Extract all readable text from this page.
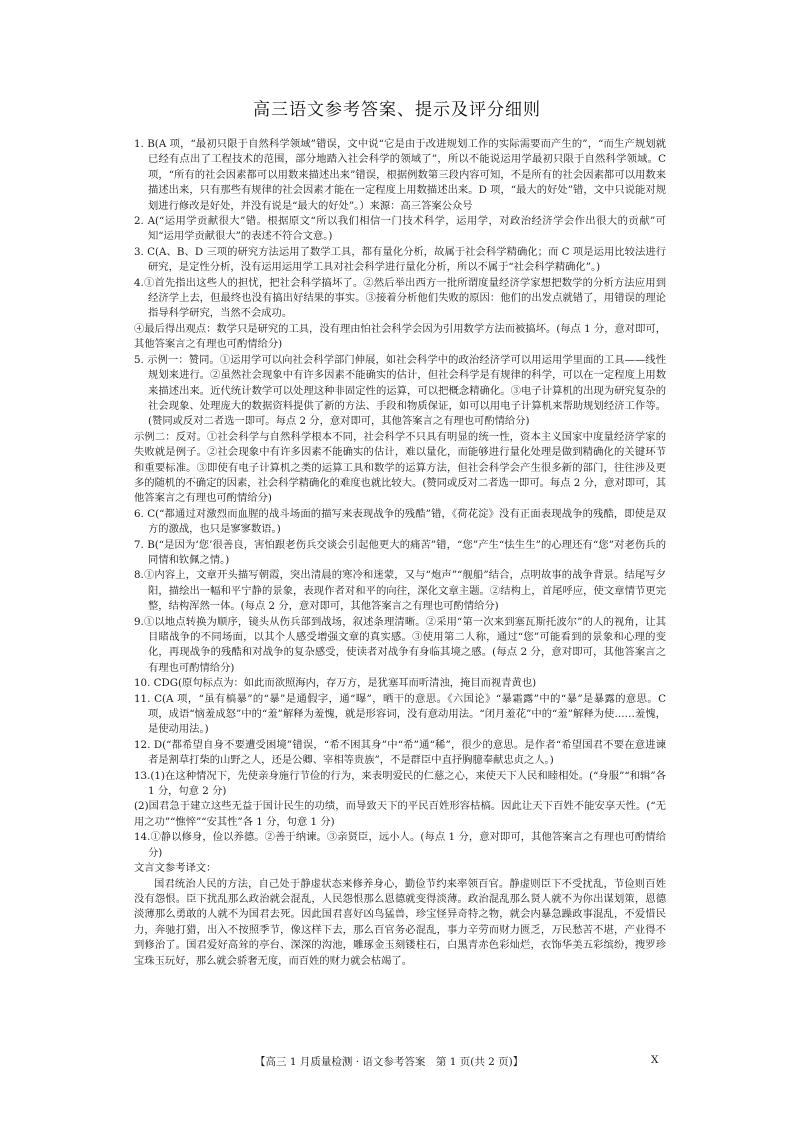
高三语文参考答案、提示及评分细则

1. B(A 项，“最初只限于自然科学领域”错误，文中说“它是由于改进规划工作的实际需要而产生的”，“而生产规划就已经有点出了工程技术的范围，部分地踏入社会科学的领域了”，所以不能说运用学最初只限于自然科学领域。C 项，“所有的社会因素都可以用数来描述出来”错误，根据例数第三段内容可知，不是所有的社会因素都可以用数来描述出来，只有那些有规律的社会因素才能在一定程度上用数描述出来。D 项，“最大的好处”错，文中只说能对规划进行修改是好处，并没有说是“最大的好处”。）来源：高三答案公众号

2. A(“运用学贡献很大”错。根据原文“所以我们相信一门技术科学，运用学，对政治经济学会作出很大的贡献”可知“运用学贡献很大”的表述不符合文意。)

3. C(A、B、D 三项的研究方法运用了数学工具，都有量化分析，故属于社会科学精确化；而 C 项是运用比较法进行研究，是定性分析，没有运用运用学工具对社会科学进行量化分析，所以不属于“社会科学精确化”。)

4.①首先指出这些人的担忧，把社会科学搞坏了。②然后举出西方一批所谓度量经济学家想把数学的分析方法应用到经济学上去，但最终也没有搞出好结果的事实。③接着分析他们失败的原因：他们的出发点就错了，用错误的理论指导科学研究，当然不会成功。

④最后得出观点：数学只是研究的工具，没有理由怕社会科学会因为引用数学方法而被搞坏。(每点 1 分，意对即可，其他答案言之有理也可酌情给分)

5. 示例一：赞同。①运用学可以向社会科学部门伸展，如社会科学中的政治经济学可以用运用学里面的工具——线性规划来进行。②虽然社会现象中有许多因素不能确实的估计，但社会科学是有规律的科学，可以在一定程度上用数来描述出来。近代统计数学可以处理这种非固定性的运算，可以把概念精确化。③电子计算机的出现为研究复杂的社会现象、处理庞大的数据资料提供了新的方法、手段和物质保证，如可以用电子计算机来帮助规划经济工作等。(赞同或反对二者选一即可。每点 2 分，意对即可，其他答案言之有理也可酌情给分)

示例二：反对。①社会科学与自然科学根本不同，社会科学不只具有明显的统一性，资本主义国家中度量经济学家的失败就是例子。②社会现象中有许多因素不能确实的估计，难以量化，而能够进行量化处理是做到精确化的关键环节和重要标准。③即使有电子计算机之类的运算工具和数学的运算方法，但社会科学会产生很多新的部门，往往涉及更多的随机的不确定的因素，社会科学精确化的难度也就比较大。(赞同或反对二者选一即可。每点 2 分，意对即可，其他答案言之有理也可酌情给分)

6. C(“都通过对激烈而血腥的战斗场面的描写来表现战争的残酷”错，《荷花淀》没有正面表现战争的残酷，即使是双方的激战，也只是寥寥数语。)

7. B(“是因为‘您’很善良，害怕跟老伤兵交谈会引起他更大的痛苦”错，“您”产生“怯生生”的心理还有“您”对老伤兵的同情和钦佩之情。)

8.①内容上，文章开头描写朝霞，突出清晨的寒冷和迷蒙，又与“炮声”“舰船”结合，点明故事的战争背景。结尾写夕阳，描绘出一幅和平宁静的景象，表现作者对和平的向往，深化文章主题。②结构上，首尾呼应，使文章情节更完整，结构浑然一体。(每点 2 分，意对即可，其他答案言之有理也可酌情给分)

9.①以地点转换为顺序，镜头从伤兵部到战场，叙述条理清晰。②采用“第一次来到塞瓦斯托波尔”的人的视角，让其目睹战争的不同场面，以其个人感受增强文章的真实感。③使用第二人称，通过“您”可能看到的景象和心理的变化，再现战争的残酷和对战争的复杂感受，使读者对战争有身临其境之感。(每点 2 分，意对即可，其他答案言之有理也可酌情给分)

10. CDG(原句标点为：如此而欲照海内，存万方，是犹塞耳而听清浊，掩目而视青黄也)

11. C(A 项，“虽有槁暴”的“暴”是通假字，通“曝”，晒干的意思。《六国论》“暴霜露”中的“暴”是暴露的意思。C 项，成语“恼羞成怒”中的“羞”解释为羞愧，就是形容词，没有意动用法。“闭月羞花”中的“羞”解释为使……羞愧，是使动用法。)

12. D(“都希望自身不要遭受困境”错误，“希不困其身”中“希”通“稀”，很少的意思。是作者“希望国君不要在意进谏者是割草打柴的山野之人，还是公卿、宰相等贵族”，不是群臣中直抒胸臆奉献忠贞之人。)

13.(1)在这种情况下，先使亲身施行节俭的行为，来表明爱民的仁慈之心，来使天下人民和睦相处。(“身服”“和辑”各 1 分，句意 2 分)

(2)国君急于建立这些无益于国计民生的功绩，而导致天下的平民百姓形容枯槁。因此让天下百姓不能安享天性。(“无用之功”“憔悴”“安其性”各 1 分，句意 1 分)

14.①静以修身，俭以养德。②善于纳谏。③亲贤臣，远小人。(每点 1 分，意对即可，其他答案言之有理也可酌情给分)

文言文参考译文：

国君统治人民的方法，自己处于静虚状态来修养身心，勤俭节约来率领百官。静虚则臣下不受扰乱，节俭则百姓没有怨恨。臣下扰乱那么政治就会混乱，人民怨恨那么恩德就变得淡薄。政治混乱那么贤人就不为你出谋划策，恩德淡薄那么勇敢的人就不为国君去死。因此国君喜好凶鸟猛兽，珍宝怪异奇特之物，就会内暴急躁政事混乱，不爱惜民力，奔驰打猎，出入不按照季节，像这样下去，那么百官务必混乱，事力辛劳而财力匮乏，万民愁苦不堪，产业得不到修治了。国君爱好高耸的亭台、深深的沟池，雕琢金玉刻镂柱石，白黑青赤色彩灿烂，衣饰华美五彩缤纷，搜罗珍宝珠玉玩好，那么就会骄奢无度，而百姓的财力就会枯竭了。

【高三 1 月质量检测 · 语文参考答案　第 1 页(共 2 页)】	X
